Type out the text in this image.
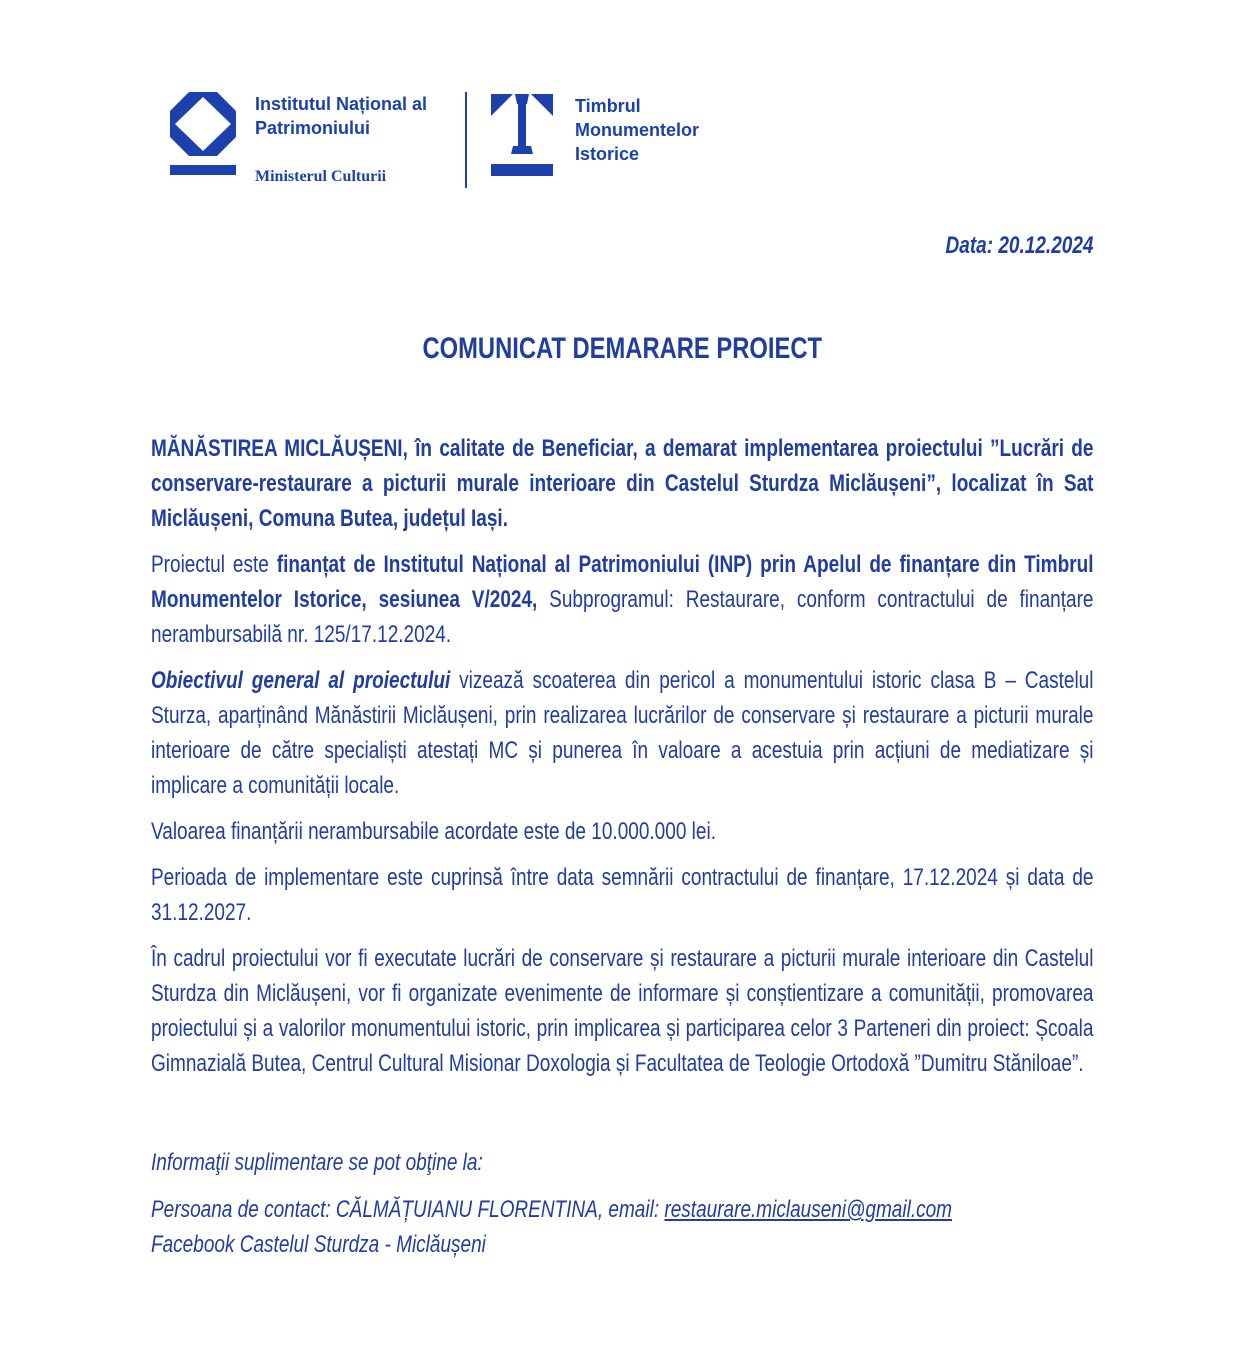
Institutul Național al
Patrimoniului
Ministerul Culturii
Timbrul
Monumentelor
Istorice
Data: 20.12.2024
COMUNICAT DEMARARE PROIECT

MĂNĂSTIREA MICLĂUȘENI, în calitate de Beneficiar, a demarat implementarea proiectului ”Lucrări de conservare-restaurare a picturii murale interioare din Castelul Sturdza Miclăușeni”, localizat în Sat Miclăușeni, Comuna Butea, județul Iași.

Proiectul este finanțat de Institutul Național al Patrimoniului (INP) prin Apelul de finanțare din Timbrul Monumentelor Istorice, sesiunea V/2024, Subprogramul: Restaurare, conform contractului de finanțare nerambursabilă nr. 125/17.12.2024.

Obiectivul general al proiectului vizează scoaterea din pericol a monumentului istoric clasa B – Castelul Sturza, aparținând Mănăstirii Miclăușeni, prin realizarea lucrărilor de conservare și restaurare a picturii murale interioare de către specialiști atestați MC și punerea în valoare a acestuia prin acțiuni de mediatizare și implicare a comunității locale.

Valoarea finanțării nerambursabile acordate este de 10.000.000 lei.

Perioada de implementare este cuprinsă între data semnării contractului de finanțare, 17.12.2024 și data de 31.12.2027.

În cadrul proiectului vor fi executate lucrări de conservare și restaurare a picturii murale interioare din Castelul Sturdza din Miclăușeni, vor fi organizate evenimente de informare și conștientizare a comunității, promovarea proiectului și a valorilor monumentului istoric, prin implicarea și participarea celor 3 Parteneri din proiect: Școala Gimnazială Butea, Centrul Cultural Misionar Doxologia și Facultatea de Teologie Ortodoxă ”Dumitru Stăniloae”.

Informaţii suplimentare se pot obţine la:
Persoana de contact: CĂLMĂȚUIANU FLORENTINA, email: restaurare.miclauseni@gmail.com
Facebook Castelul Sturdza - Miclăușeni
